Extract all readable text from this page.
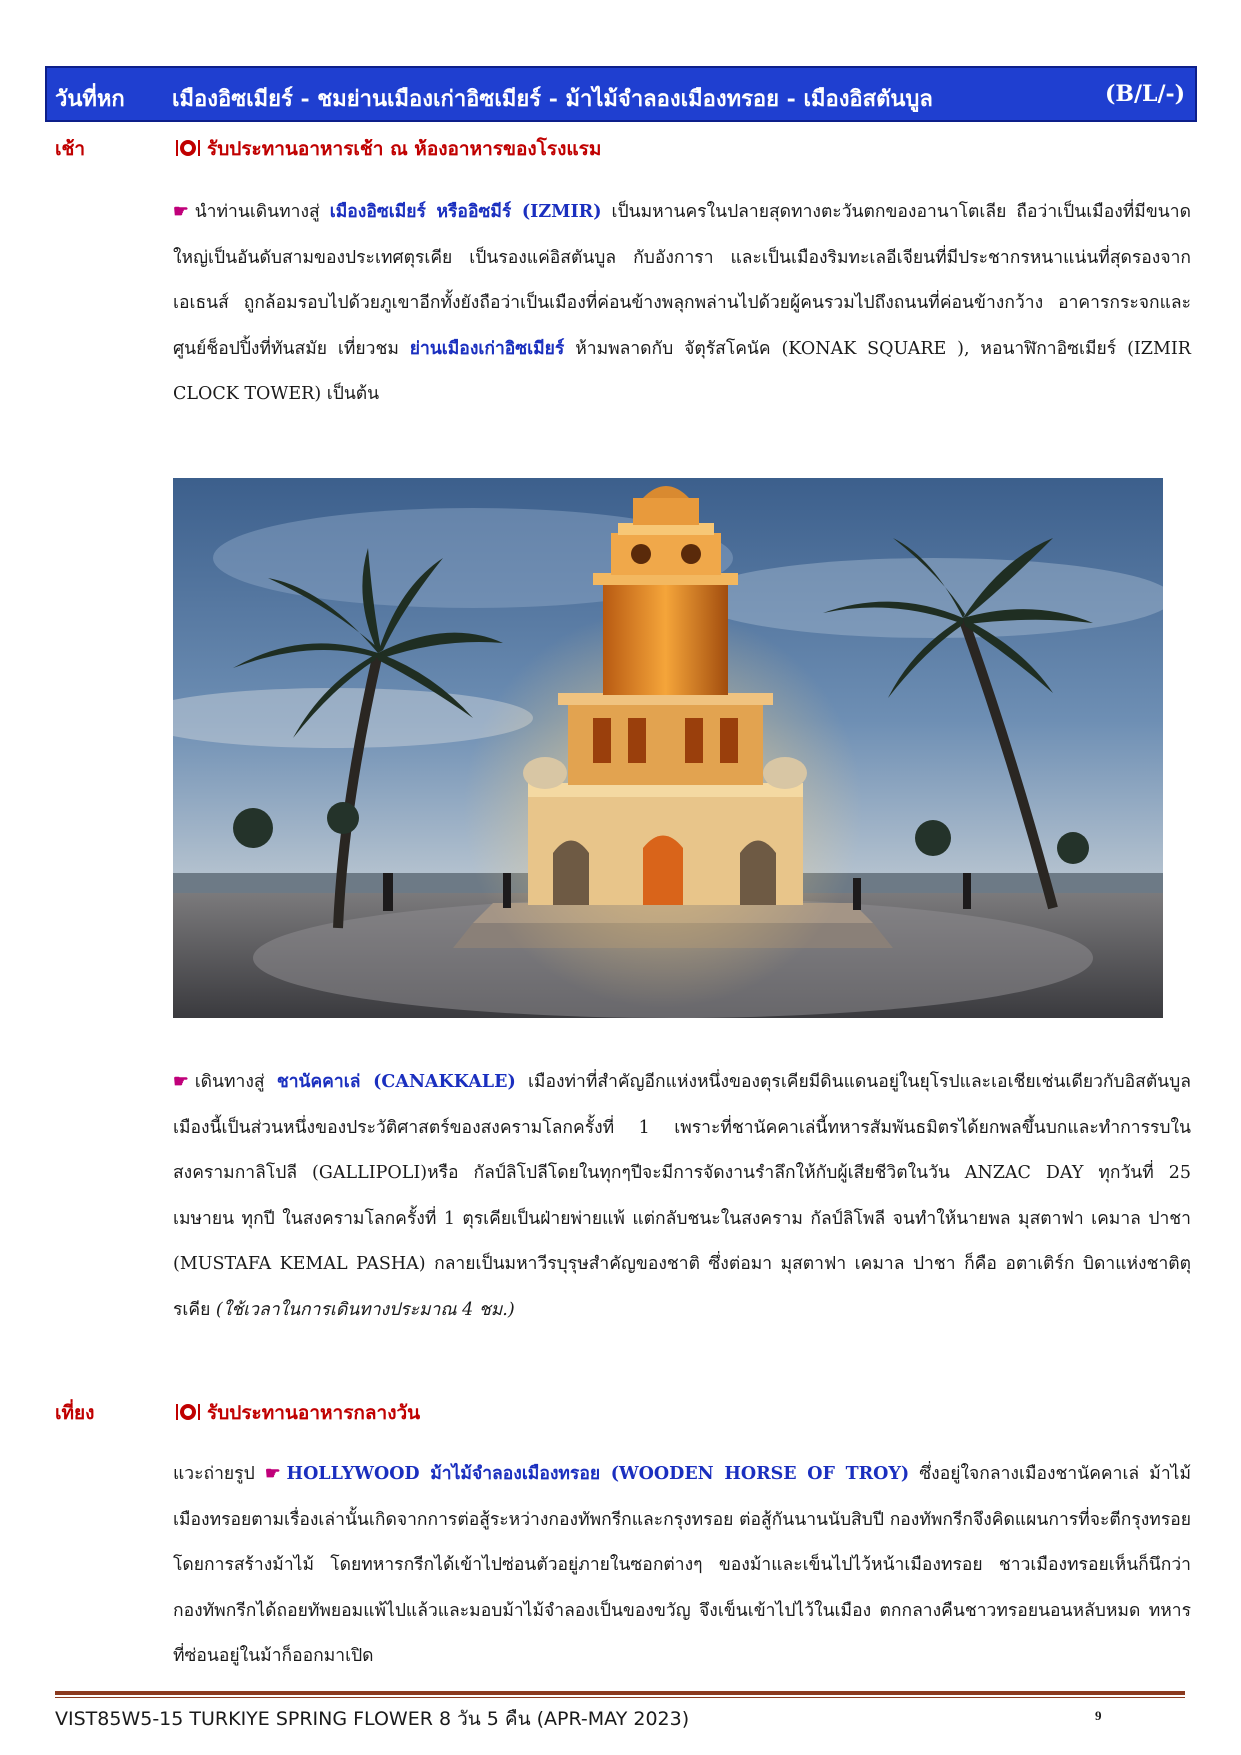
วันที่หก เมืองอิซเมียร์ - ชมย่านเมืองเก่าอิซเมียร์ - ม้าไม้จำลองเมืองทรอย - เมืองอิสตันบูล	(B/L/-)
เช้า	รับประทานอาหารเช้า ณ ห้องอาหารของโรงแรม

☛ นำท่านเดินทางสู่ เมืองอิซเมียร์ หรืออิซมีร์ (IZMIR) เป็นมหานครในปลายสุดทางตะวันตกของอานาโตเลีย ถือว่าเป็นเมืองที่มีขนาดใหญ่เป็นอันดับสามของประเทศตุรเคีย เป็นรองแค่อิสตันบูล กับอังการา และเป็นเมืองริมทะเลอีเจียนที่มีประชากรหนาแน่นที่สุดรองจากเอเธนส์ ถูกล้อมรอบไปด้วยภูเขาอีกทั้งยังถือว่าเป็นเมืองที่ค่อนข้างพลุกพล่านไปด้วยผู้คนรวมไปถึงถนนที่ค่อนข้างกว้าง อาคารกระจกและศูนย์ช็อปปิ้งที่ทันสมัย เที่ยวชม ย่านเมืองเก่าอิซเมียร์ ห้ามพลาดกับ จัตุรัสโคนัค (KONAK SQUARE ), หอนาฬิกาอิซเมียร์ (IZMIR CLOCK TOWER) เป็นต้น

☛ เดินทางสู่ ชานัคคาเล่ (CANAKKALE) เมืองท่าที่สำคัญอีกแห่งหนึ่งของตุรเคียมีดินแดนอยู่ในยุโรปและเอเชียเช่นเดียวกับอิสตันบูล เมืองนี้เป็นส่วนหนึ่งของประวัติศาสตร์ของสงครามโลกครั้งที่ 1 เพราะที่ชานัคคาเล่นี้ทหารสัมพันธมิตรได้ยกพลขึ้นบกและทำการรบในสงครามกาลิโปลี (GALLIPOLI)หรือ กัลป์ลิโปลีโดยในทุกๆปีจะมีการจัดงานรำลึกให้กับผู้เสียชีวิตในวัน ANZAC DAY ทุกวันที่ 25 เมษายน ทุกปี ในสงครามโลกครั้งที่ 1 ตุรเคียเป็นฝ่ายพ่ายแพ้ แต่กลับชนะในสงคราม กัลป์ลิโพลี จนทำให้นายพล มุสตาฟา เคมาล ปาชา (MUSTAFA KEMAL PASHA) กลายเป็นมหาวีรบุรุษสำคัญของชาติ ซึ่งต่อมา มุสตาฟา เคมาล ปาชา ก็คือ อตาเติร์ก บิดาแห่งชาติตุรเคีย (ใช้เวลาในการเดินทางประมาณ 4 ชม.)

เที่ยง	รับประทานอาหารกลางวัน

แวะถ่ายรูป ☛ HOLLYWOOD ม้าไม้จำลองเมืองทรอย (WOODEN HORSE OF TROY) ซึ่งอยู่ใจกลางเมืองชานัคคาเล่ ม้าไม้เมืองทรอยตามเรื่องเล่านั้นเกิดจากการต่อสู้ระหว่างกองทัพกรีกและกรุงทรอย ต่อสู้กันนานนับสิบปี กองทัพกรีกจึงคิดแผนการที่จะตีกรุงทรอยโดยการสร้างม้าไม้ โดยทหารกรีกได้เข้าไปซ่อนตัวอยู่ภายในซอกต่างๆ ของม้าและเข็นไปไว้หน้าเมืองทรอย ชาวเมืองทรอยเห็นก็นึกว่ากองทัพกรีกได้ถอยทัพยอมแพ้ไปแล้วและมอบม้าไม้จำลองเป็นของขวัญ จึงเข็นเข้าไปไว้ในเมือง ตกกลางคืนชาวทรอยนอนหลับหมด ทหารที่ซ่อนอยู่ในม้าก็ออกมาเปิด

VIST85W5-15 TURKIYE SPRING FLOWER 8 วัน 5 คืน (APR-MAY 2023)	9
